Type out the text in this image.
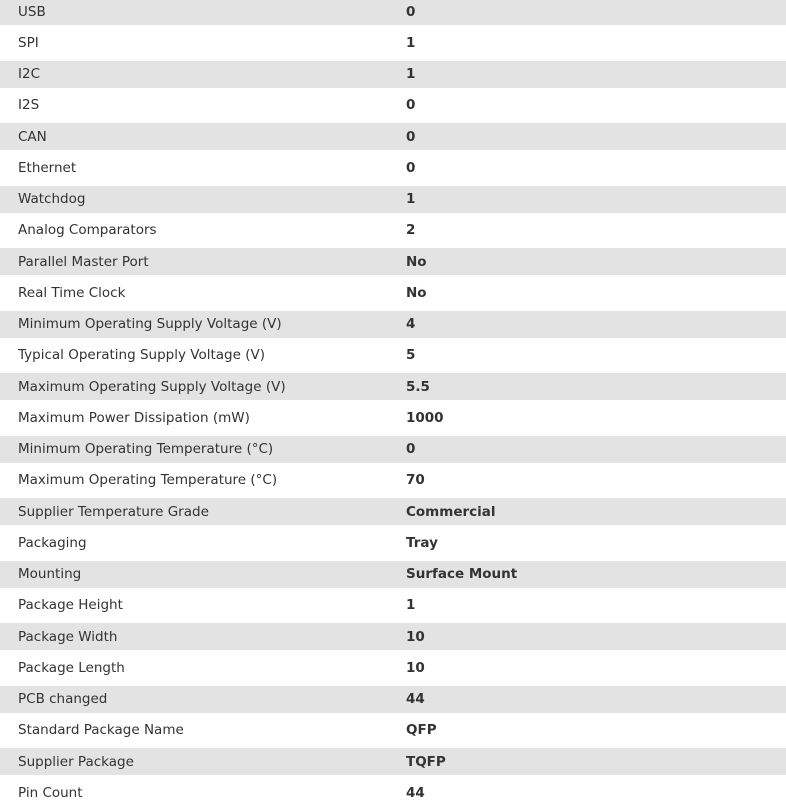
USB	0
SPI	1
I2C	1
I2S	0
CAN	0
Ethernet	0
Watchdog	1
Analog Comparators	2
Parallel Master Port	No
Real Time Clock	No
Minimum Operating Supply Voltage (V)	4
Typical Operating Supply Voltage (V)	5
Maximum Operating Supply Voltage (V)	5.5
Maximum Power Dissipation (mW)	1000
Minimum Operating Temperature (°C)	0
Maximum Operating Temperature (°C)	70
Supplier Temperature Grade	Commercial
Packaging	Tray
Mounting	Surface Mount
Package Height	1
Package Width	10
Package Length	10
PCB changed	44
Standard Package Name	QFP
Supplier Package	TQFP
Pin Count	44
